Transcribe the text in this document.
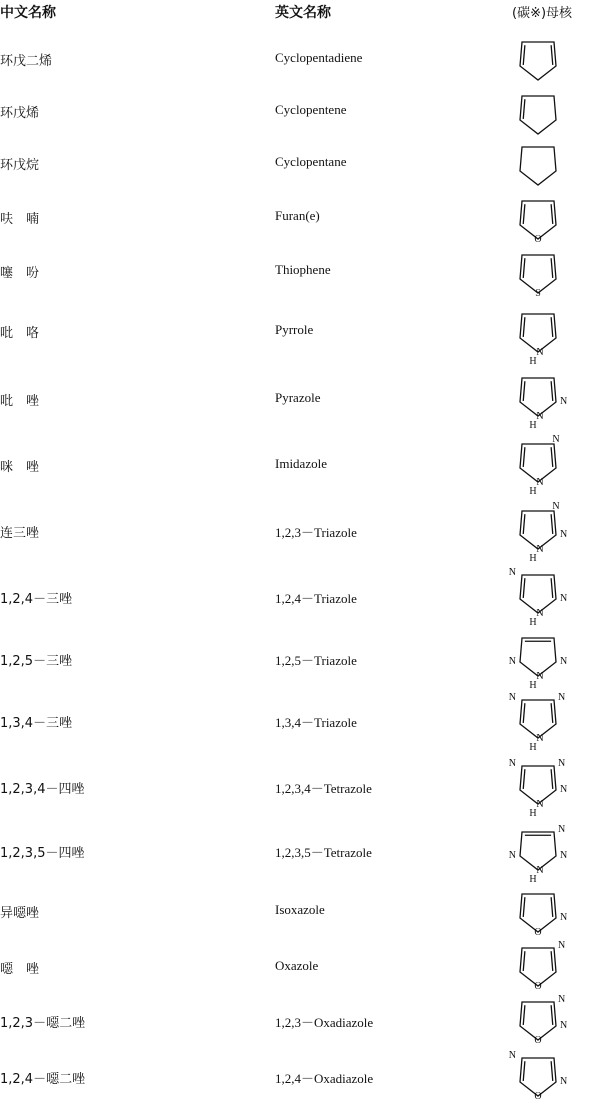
中文名称	英文名称	(碳※)母核
环戊二烯	Cyclopentadiene
环戊烯	Cyclopentene
环戊烷	Cyclopentane
呋　喃	Furan(e)
O
噻　吩	Thiophene
S
吡　咯	Pyrrole
N
H
吡　唑	Pyrazole	N
N
H
咪　唑	Imidazole
N
N
H
连三唑	1,2,3－Triazole
N
N
N
H
1,2,4－三唑	1,2,4－Triazole
N
N
N
H
1,2,5－三唑	1,2,5－Triazole	N	N
N
H
1,3,4－三唑	1,3,4－Triazole
N	N
N
H
1,2,3,4－四唑	1,2,3,4－Tetrazole
N	N
N
N
H
1,2,3,5－四唑	1,2,3,5－Tetrazole
N
N
N
N
H
异噁唑	Isoxazole
N
O
噁　唑	Oxazole
N
O
1,2,3－噁二唑	1,2,3－Oxadiazole
N
N
O
1,2,4－噁二唑	1,2,4－Oxadiazole
N
N
O
